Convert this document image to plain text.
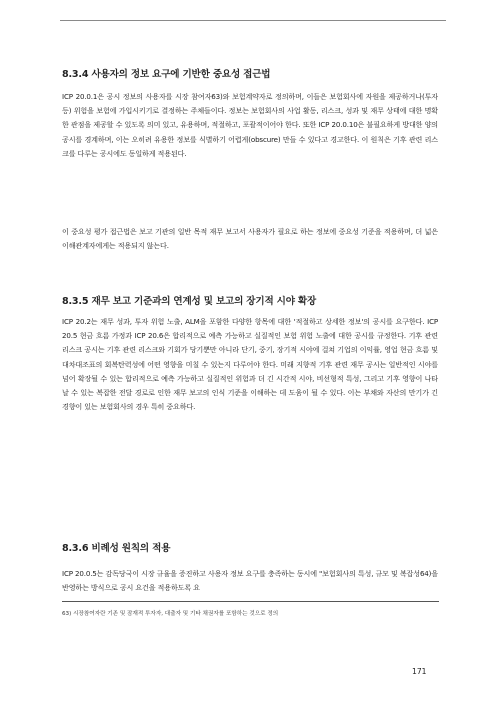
8.3.4 사용자의 정보 요구에 기반한 중요성 접근법

ICP 20.0.1은 공시 정보의 사용자를 시장 참여자63)와 보험계약자로 정의하며, 이들은 보험회사에 자원을 제공하거나(투자 등) 위험을 보험에 가입시키기로 결정하는 주체들이다. 정보는 보험회사의 사업 활동, 리스크, 성과 및 재무 상태에 대한 명확한 관점을 제공할 수 있도록 의미 있고, 유용하며, 적절하고, 포괄적이어야 한다. 또한 ICP 20.0.10은 불필요하게 방대한 양의 공시를 경계하며, 이는 오히려 유용한 정보를 식별하기 어렵게(obscure) 만들 수 있다고 경고한다. 이 원칙은 기후 관련 리스크를 다루는 공시에도 동일하게 적용된다.

이 중요성 평가 접근법은 보고 기관의 일반 목적 재무 보고서 사용자가 필요로 하는 정보에 중요성 기준을 적용하며, 더 넓은 이해관계자에게는 적용되지 않는다.

8.3.5 재무 보고 기준과의 연계성 및 보고의 장기적 시야 확장

ICP 20.2는 재무 성과, 투자 위험 노출, ALM을 포함한 다양한 항목에 대한 '적절하고 상세한 정보'의 공시를 요구한다. ICP 20.5 현금 흐름 가정과 ICP 20.6은 합리적으로 예측 가능하고 실질적인 보험 위험 노출에 대한 공시를 규정한다. 기후 관련 리스크 공시는 기후 관련 리스크와 기회가 당기뿐만 아니라 단기, 중기, 장기적 시야에 걸쳐 기업의 이익률, 영업 현금 흐름 및 대차대조표의 회복탄력성에 어떤 영향을 미칠 수 있는지 다루어야 한다. 미래 지향적 기후 관련 재무 공시는 일반적인 시야를 넘어 확장될 수 있는 합리적으로 예측 가능하고 실질적인 위험과 더 긴 시간적 시야, 비선형적 특성, 그리고 기후 영향이 나타날 수 있는 복잡한 전달 경로로 인한 재무 보고의 인식 기준을 이해하는 데 도움이 될 수 있다. 이는 부채와 자산의 만기가 긴 경향이 있는 보험회사의 경우 특히 중요하다.

8.3.6 비례성 원칙의 적용

ICP 20.0.5는 감독당국이 시장 규율을 증진하고 사용자 정보 요구를 충족하는 동시에 "보험회사의 특성, 규모 및 복잡성64)을 반영하는 방식으로 공시 요건을 적용하도록 요

63) 시장참여자란 기존 및 잠재적 투자자, 대출자 및 기타 채권자를 포함하는 것으로 정의

171
